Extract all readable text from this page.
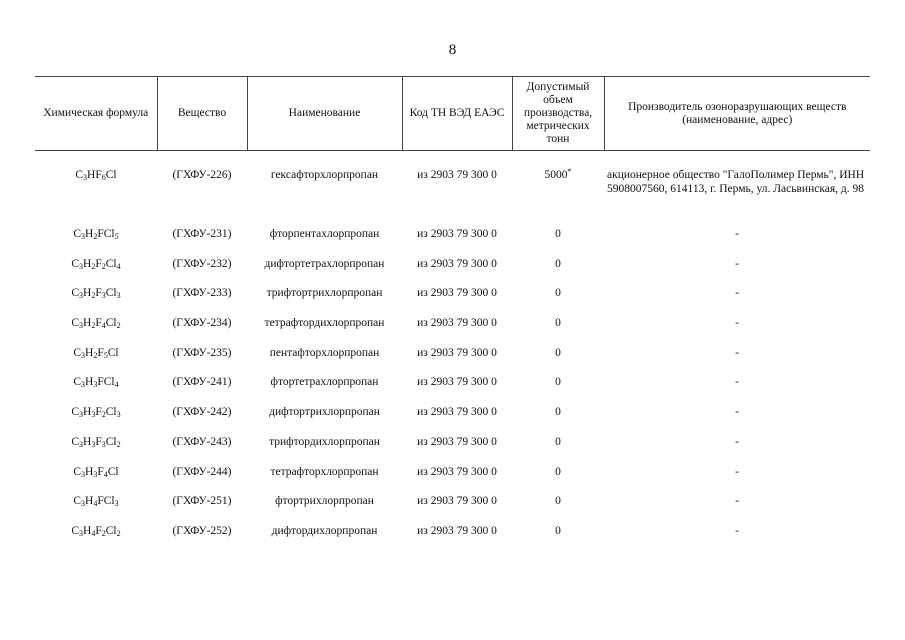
8
Химическая формула	Вещество	Наименование	Код ТН ВЭД ЕАЭС	Допустимый объем производства, метрических тонн	Производитель озоноразрушающих веществ (наименование, адрес)
$C_3HF_6Cl$	(ГХФУ-226)	гексафторхлорпропан	из 2903 79 300 0	5000*	акционерное общество "ГалоПолимер Пермь", ИНН 5908007560, 614113, г. Пермь, ул. Ласьвинская, д. 98
$C_3H_2FCl_5$	(ГХФУ-231)	фторпентахлорпропан	из 2903 79 300 0	0	-
$C_3H_2F_2Cl_4$	(ГХФУ-232)	дифтортетрахлорпропан	из 2903 79 300 0	0	-
$C_3H_2F_3Cl_3$	(ГХФУ-233)	трифтортрихлорпропан	из 2903 79 300 0	0	-
$C_3H_2F_4Cl_2$	(ГХФУ-234)	тетрафтордихлорпропан	из 2903 79 300 0	0	-
$C_3H_2F_5Cl$	(ГХФУ-235)	пентафторхлорпропан	из 2903 79 300 0	0	-
$C_3H_3FCl_4$	(ГХФУ-241)	фтортетрахлорпропан	из 2903 79 300 0	0	-
$C_3H_3F_2Cl_3$	(ГХФУ-242)	дифтортрихлорпропан	из 2903 79 300 0	0	-
$C_3H_3F_3Cl_2$	(ГХФУ-243)	трифтордихлорпропан	из 2903 79 300 0	0	-
$C_3H_3F_4Cl$	(ГХФУ-244)	тетрафторхлорпропан	из 2903 79 300 0	0	-
$C_3H_4FCl_3$	(ГХФУ-251)	фтортрихлорпропан	из 2903 79 300 0	0	-
$C_3H_4F_2Cl_2$	(ГХФУ-252)	дифтордихлорпропан	из 2903 79 300 0	0	-
